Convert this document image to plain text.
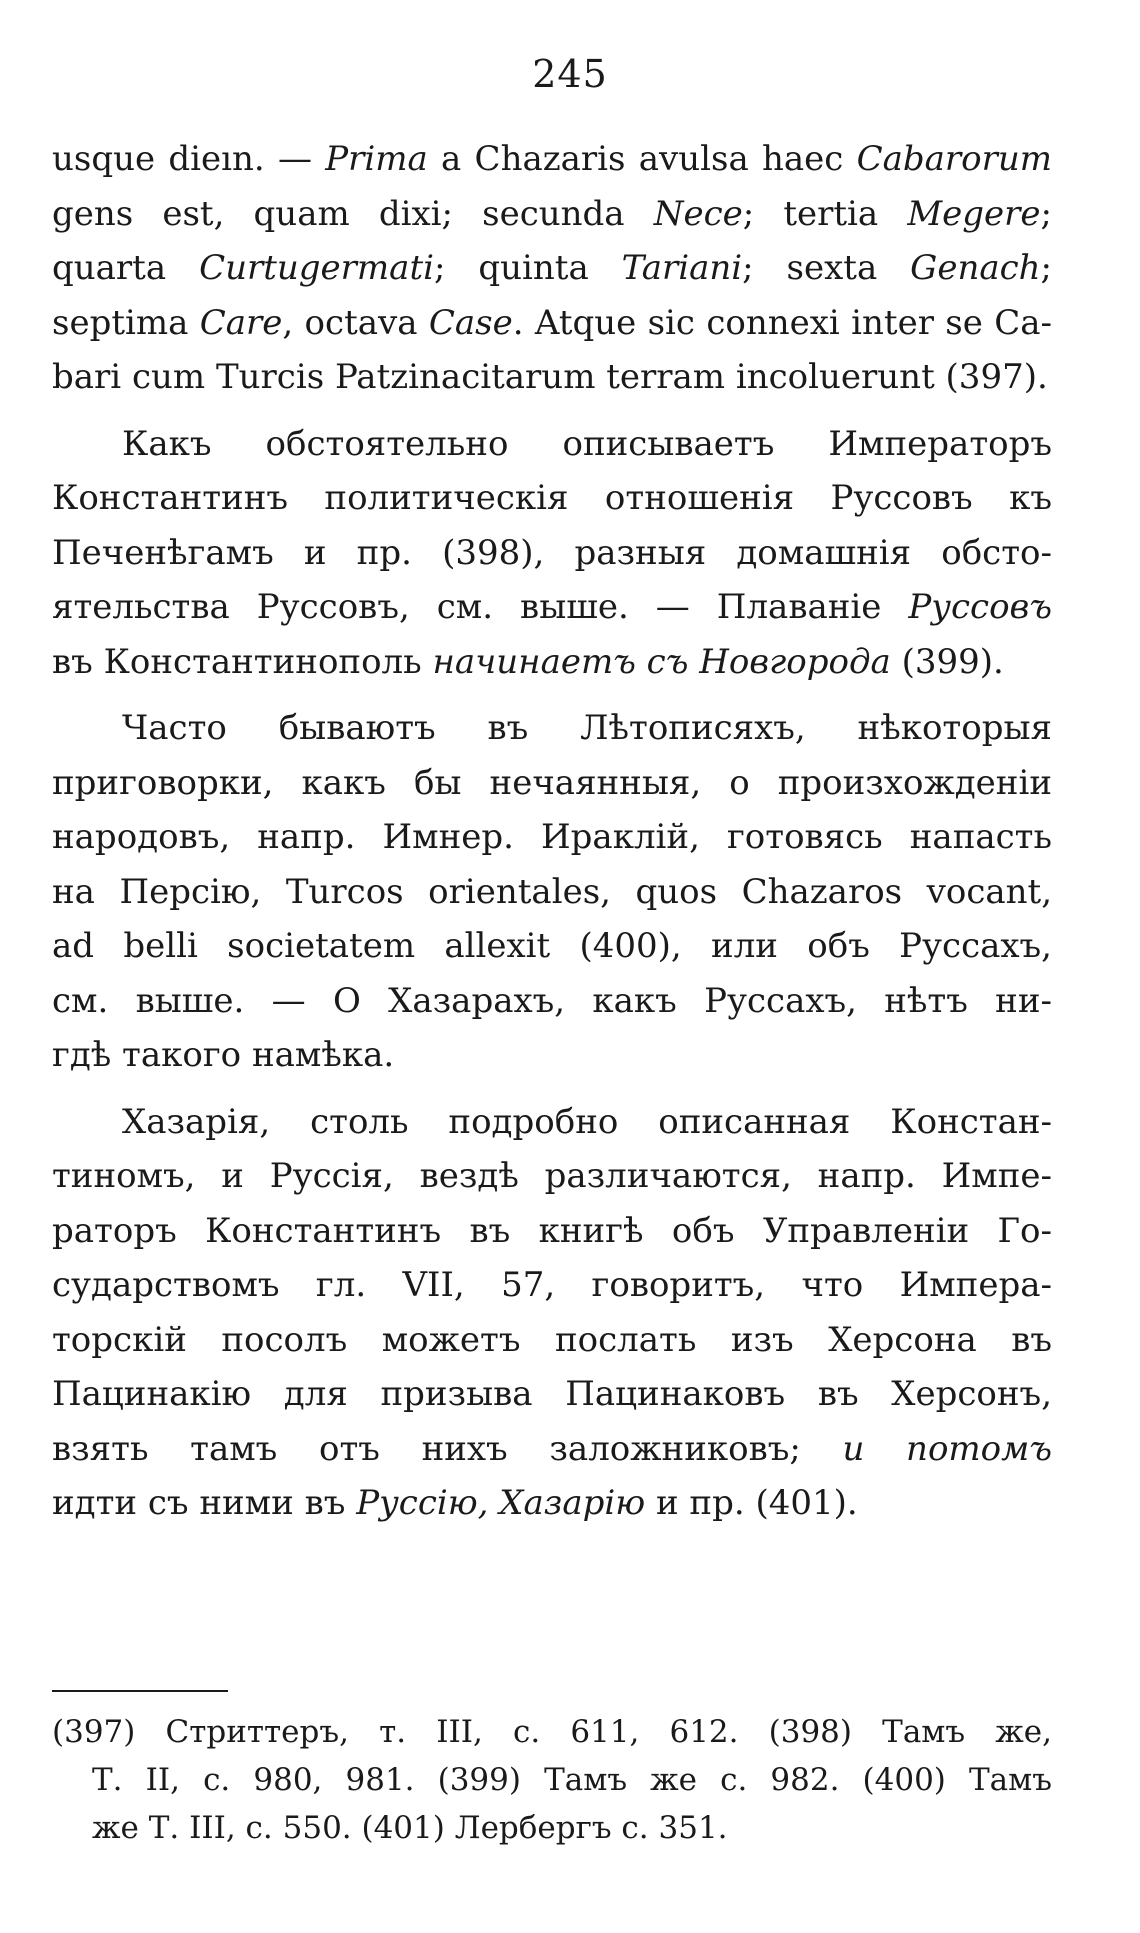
245
usque dieın. — Prima a Chazaris avulsa haec Cabarorum
gens est, quam dixi; secunda Nece; tertia Megere;
quarta Curtugermati; quinta Tariani; sexta Genach;
septima Care, octava Case. Atque sic connexi inter se Ca-
bari cum Turcis Patzinacitarum terram incoluerunt (397).
Какъ обстоятельно описываетъ Императоръ
Константинъ политическія отношенія Руссовъ къ
Печенѣгамъ и пр. (398), разныя домашнія обсто-
ятельства Руссовъ, см. выше. — Плаваніе Руссовъ
въ Константинополь начинаетъ съ Новгорода (399).
Часто бываютъ въ Лѣтописяхъ, нѣкоторыя
приговорки, какъ бы нечаянныя, о произхожденіи
народовъ, напр. Имнер. Ираклій, готовясь напасть
на Персію, Turcos orientales, quos Chazaros vocant,
ad belli societatem allexit (400), или объ Руссахъ,
см. выше. — О Хазарахъ, какъ Руссахъ, нѣтъ ни-
гдѣ такого намѣка.
Хазарія, столь подробно описанная Констан-
тиномъ, и Руссія, вездѣ различаются, напр. Импе-
раторъ Константинъ въ книгѣ объ Управленіи Го-
сударствомъ гл. VII, 57, говоритъ, что Импера-
торскій посолъ можетъ послать изъ Херсона въ
Пацинакію для призыва Пацинаковъ въ Херсонъ,
взять тамъ отъ нихъ заложниковъ; и потомъ
идти съ ними въ Руссію, Хазарію и пр. (401).
(397) Стриттеръ, т. III, с. 611, 612. (398) Тамъ же,
Т. II, с. 980, 981. (399) Тамъ же с. 982. (400) Тамъ
же Т. III, с. 550. (401) Лербергъ с. 351.
